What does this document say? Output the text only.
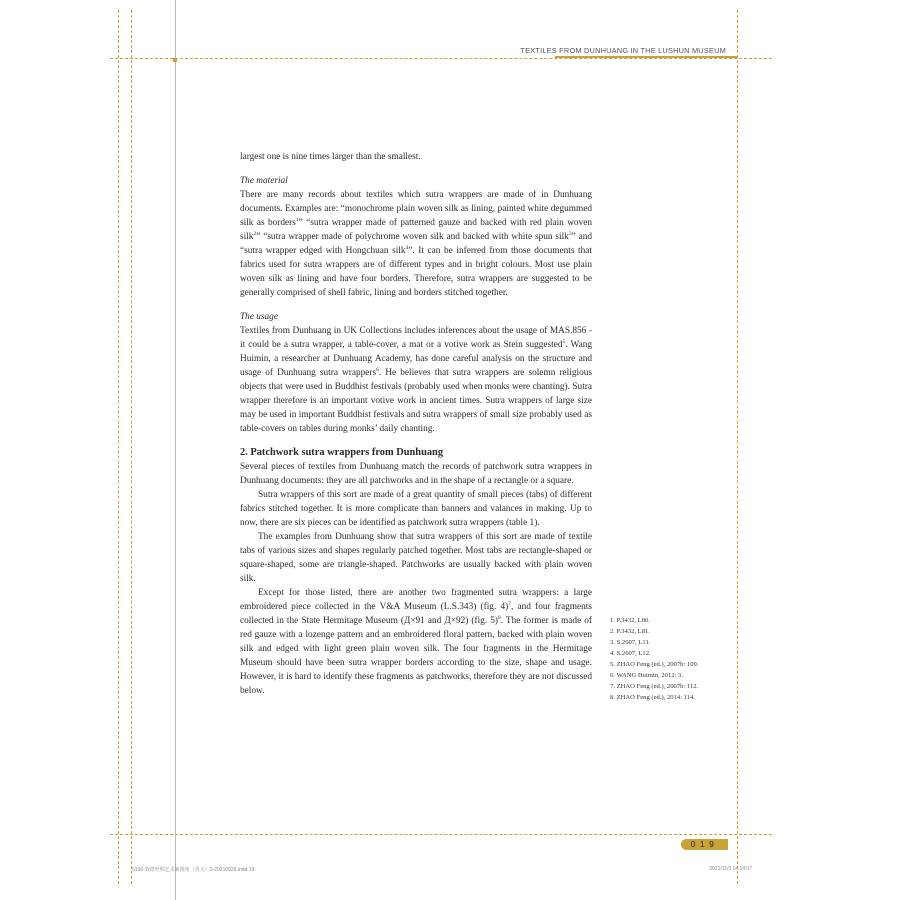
TEXTILES FROM DUNHUANG IN THE LUSHUN MUSEUM

largest one is nine times larger than the smallest.

The material

There are many records about textiles which sutra wrappers are made of in Dunhuang documents. Examples are: “monochrome plain woven silk as lining, painted white degummed silk as borders$^1$” “sutra wrapper made of patterned gauze and backed with red plain woven silk$^2$” “sutra wrapper made of polychrome woven silk and backed with white spun silk$^3$” and “sutra wrapper edged with Hongchuan silk$^4$”. It can be inferred from those documents that fabrics used for sutra wrappers are of different types and in bright colours. Most use plain woven silk as lining and have four borders. Therefore, sutra wrappers are suggested to be generally comprised of shell fabric, lining and borders stitched together.

The usage

Textiles from Dunhuang in UK Collections includes inferences about the usage of MAS.856 - it could be a sutra wrapper, a table-cover, a mat or a votive work as Stein suggested$^5$. Wang Huimin, a researcher at Dunhuang Academy, has done careful analysis on the structure and usage of Dunhuang sutra wrappers$^6$. He believes that sutra wrappers are solemn religious objects that were used in Buddhist festivals (probably used when monks were chanting). Sutra wrapper therefore is an important votive work in ancient times. Sutra wrappers of large size may be used in important Buddhist festivals and sutra wrappers of small size probably used as table-covers on tables during monks’ daily chanting.

2. Patchwork sutra wrappers from Dunhuang

Several pieces of textiles from Dunhuang match the records of patchwork sutra wrappers in Dunhuang documents: they are all patchworks and in the shape of a rectangle or a square.

Sutra wrappers of this sort are made of a great quantity of small pieces (tabs) of different fabrics stitched together. It is more complicate than banners and valances in making. Up to now, there are six pieces can be identified as patchwork sutra wrappers (table 1).

The examples from Dunhuang show that sutra wrappers of this sort are made of textile tabs of various sizes and shapes regularly patched together. Most tabs are rectangle-shaped or square-shaped, some are triangle-shaped. Patchworks are usually backed with plain woven silk.

Except for those listed, there are another two fragmented sutra wrappers: a large embroidered piece collected in the V&A Museum (L.S.343) (fig. 4)$^7$, and four fragments collected in the State Hermitage Museum (Д×91 and Д×92) (fig. 5)$^8$. The former is made of red gauze with a lozenge pattern and an embroidered floral pattern, backed with plain woven silk and edged with light green plain woven silk. The four fragments in the Hermitage Museum should have been sutra wrapper borders according to the size, shape and usage. However, it is hard to identify these fragments as patchworks, therefore they are not discussed below.

1. P.3432, L80.
2. P.3432, L81.
3. S.2607, L11.
4. S.2607, L12.
5. ZHAO Feng (ed.), 2007b: 109.
6. WANG Huimin, 2012: 3.
7. ZHAO Feng (ed.), 2007b: 112.
8. ZHAO Feng (ed.), 2014: 114.
019
0196-敦煌丝绸艺术新视角（英文）0-20210926.indd 19	2021/11/9 14:14:07
